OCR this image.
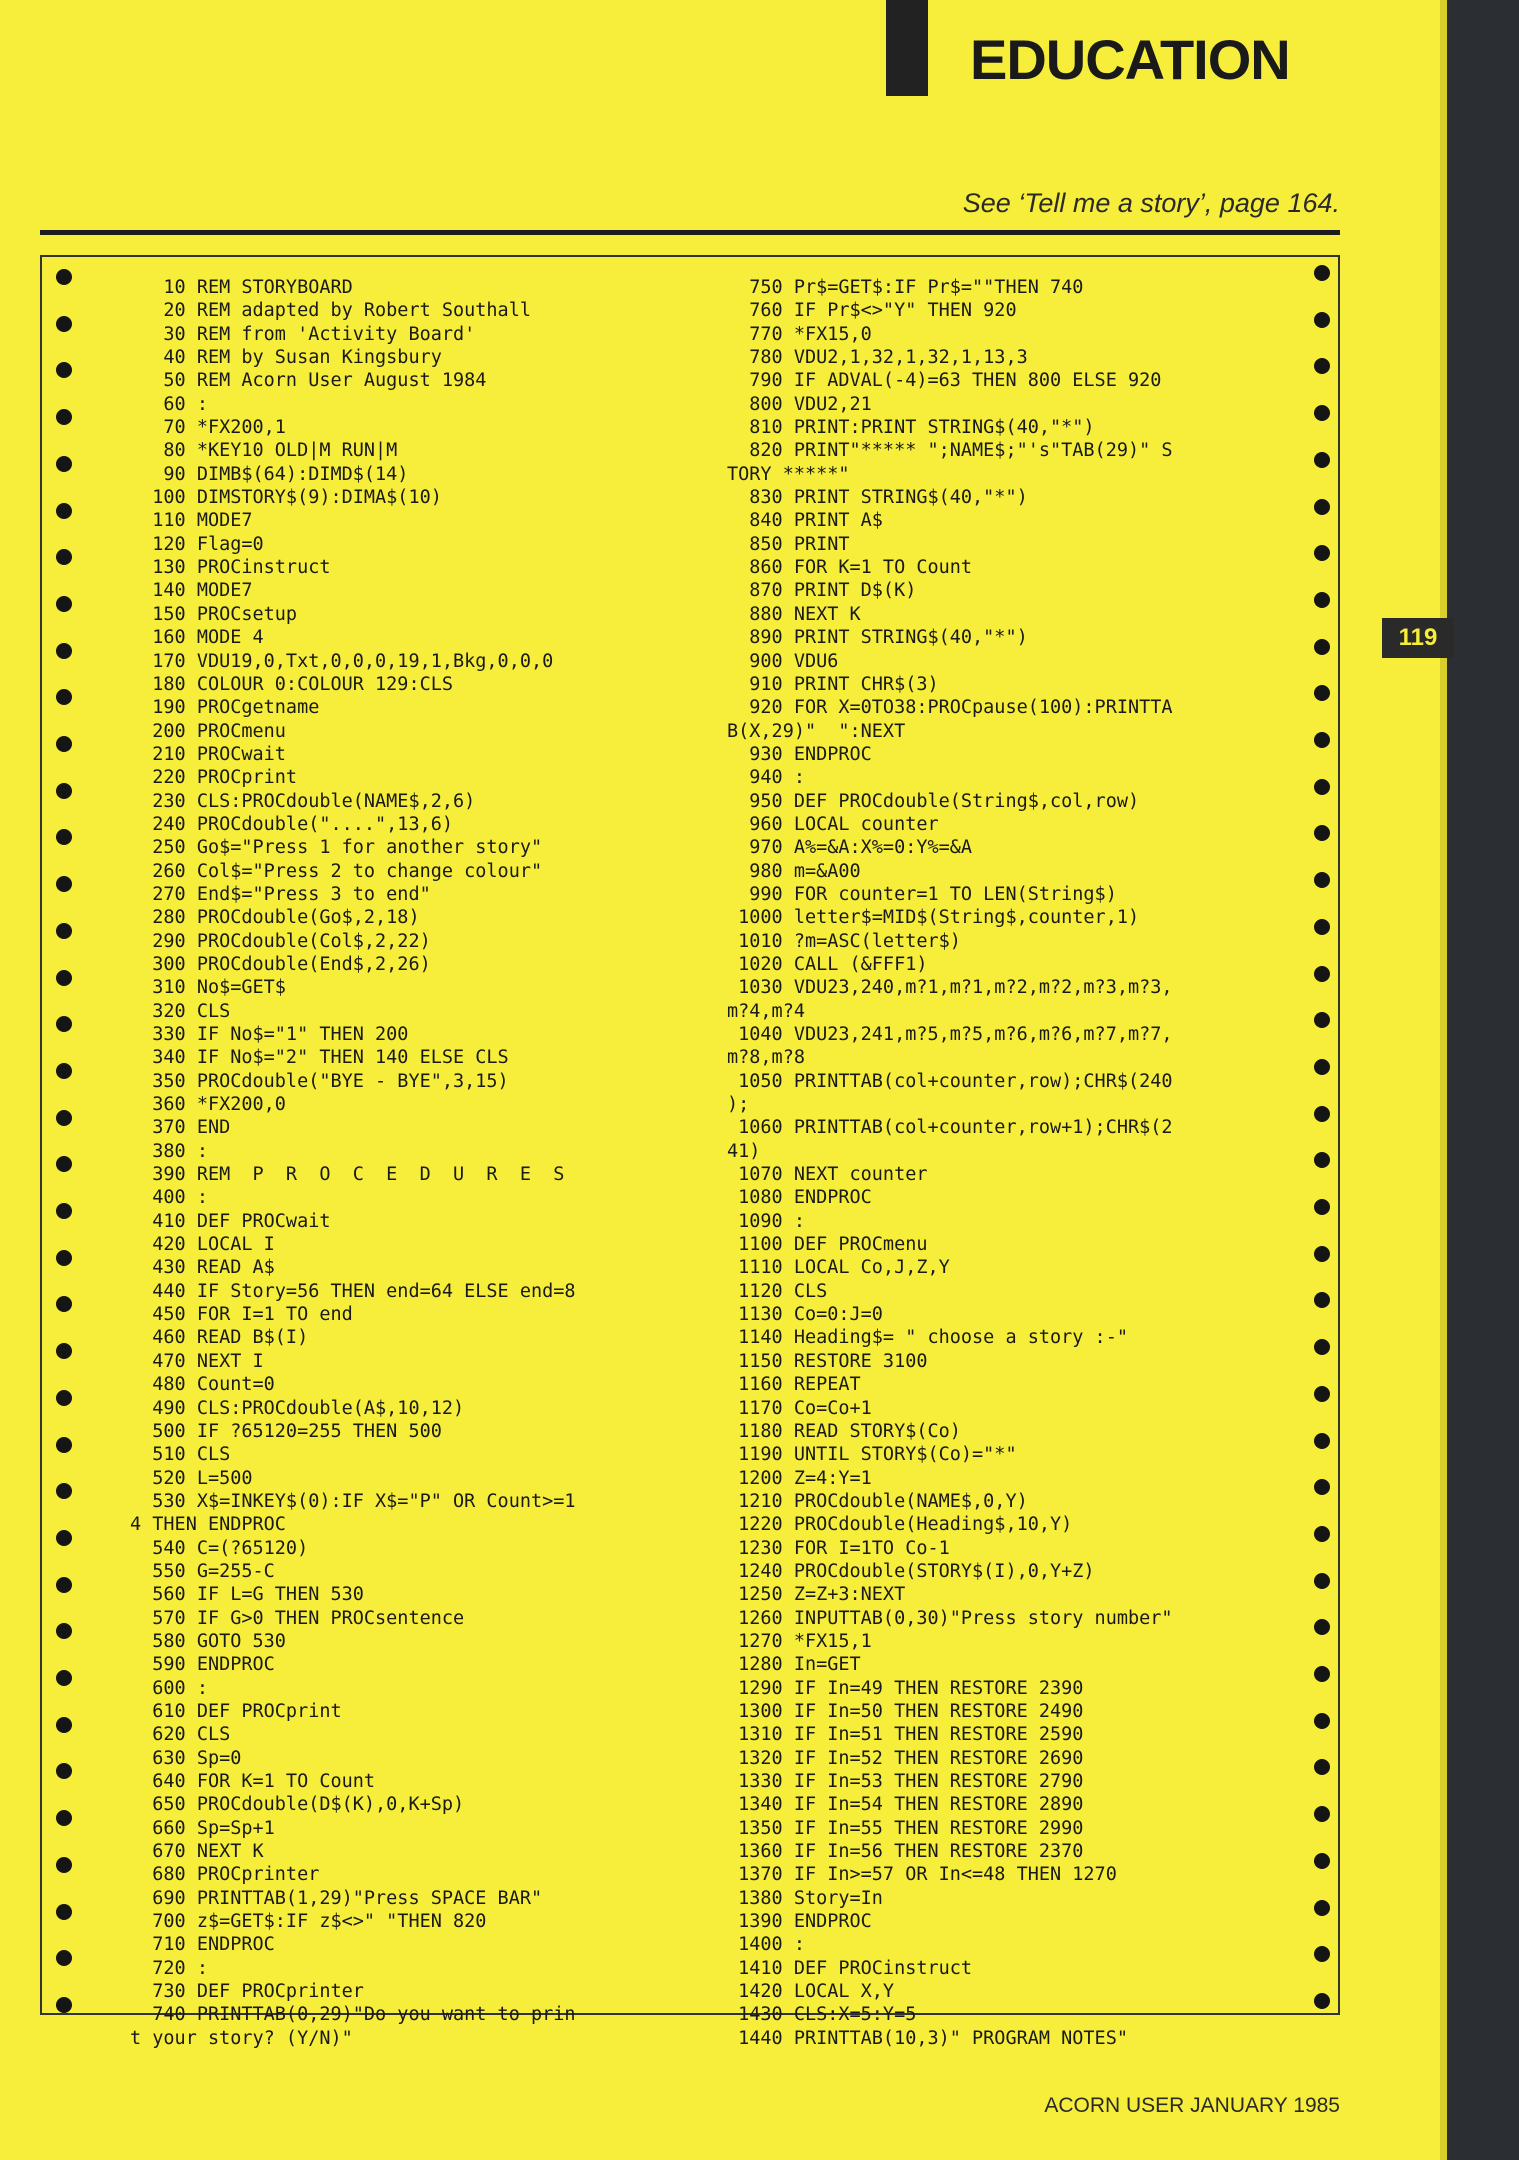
119
EDUCATION
See ‘Tell me a story’, page 164.
10 REM STORYBOARD
20 REM adapted by Robert Southall
30 REM from 'Activity Board'
40 REM by Susan Kingsbury
50 REM Acorn User August 1984
60 :
70 *FX200,1
80 *KEY10 OLD|M RUN|M
90 DIMB$(64):DIMD$(14)
100 DIMSTORY$(9):DIMA$(10)
110 MODE7
120 Flag=0
130 PROCinstruct
140 MODE7
150 PROCsetup
160 MODE 4
170 VDU19,0,Txt,0,0,0,19,1,Bkg,0,0,0
180 COLOUR 0:COLOUR 129:CLS
190 PROCgetname
200 PROCmenu
210 PROCwait
220 PROCprint
230 CLS:PROCdouble(NAME$,2,6)
240 PROCdouble("....",13,6)
250 Go$="Press 1 for another story"
260 Col$="Press 2 to change colour"
270 End$="Press 3 to end"
280 PROCdouble(Go$,2,18)
290 PROCdouble(Col$,2,22)
300 PROCdouble(End$,2,26)
310 No$=GET$
320 CLS
330 IF No$="1" THEN 200
340 IF No$="2" THEN 140 ELSE CLS
350 PROCdouble("BYE - BYE",3,15)
360 *FX200,0
370 END
380 :
390 REM  P  R  O  C  E  D  U  R  E  S
400 :
410 DEF PROCwait
420 LOCAL I
430 READ A$
440 IF Story=56 THEN end=64 ELSE end=8
450 FOR I=1 TO end
460 READ B$(I)
470 NEXT I
480 Count=0
490 CLS:PROCdouble(A$,10,12)
500 IF ?65120=255 THEN 500
510 CLS
520 L=500
530 X$=INKEY$(0):IF X$="P" OR Count>=1
4 THEN ENDPROC
540 C=(?65120)
550 G=255-C
560 IF L=G THEN 530
570 IF G>0 THEN PROCsentence
580 GOTO 530
590 ENDPROC
600 :
610 DEF PROCprint
620 CLS
630 Sp=0
640 FOR K=1 TO Count
650 PROCdouble(D$(K),0,K+Sp)
660 Sp=Sp+1
670 NEXT K
680 PROCprinter
690 PRINTTAB(1,29)"Press SPACE BAR"
700 z$=GET$:IF z$<>" "THEN 820
710 ENDPROC
720 :
730 DEF PROCprinter
740 PRINTTAB(0,29)"Do you want to prin
t your story? (Y/N)"
750 Pr$=GET$:IF Pr$=""THEN 740
760 IF Pr$<>"Y" THEN 920
770 *FX15,0
780 VDU2,1,32,1,32,1,13,3
790 IF ADVAL(-4)=63 THEN 800 ELSE 920
800 VDU2,21
810 PRINT:PRINT STRING$(40,"*")
820 PRINT"***** ";NAME$;"'s"TAB(29)" S
TORY *****"
830 PRINT STRING$(40,"*")
840 PRINT A$
850 PRINT
860 FOR K=1 TO Count
870 PRINT D$(K)
880 NEXT K
890 PRINT STRING$(40,"*")
900 VDU6
910 PRINT CHR$(3)
920 FOR X=0TO38:PROCpause(100):PRINTTA
B(X,29)"  ":NEXT
930 ENDPROC
940 :
950 DEF PROCdouble(String$,col,row)
960 LOCAL counter
970 A%=&A:X%=0:Y%=&A
980 m=&A00
990 FOR counter=1 TO LEN(String$)
1000 letter$=MID$(String$,counter,1)
1010 ?m=ASC(letter$)
1020 CALL (&FFF1)
1030 VDU23,240,m?1,m?1,m?2,m?2,m?3,m?3,
m?4,m?4
1040 VDU23,241,m?5,m?5,m?6,m?6,m?7,m?7,
m?8,m?8
1050 PRINTTAB(col+counter,row);CHR$(240
);
1060 PRINTTAB(col+counter,row+1);CHR$(2
41)
1070 NEXT counter
1080 ENDPROC
1090 :
1100 DEF PROCmenu
1110 LOCAL Co,J,Z,Y
1120 CLS
1130 Co=0:J=0
1140 Heading$= " choose a story :-"
1150 RESTORE 3100
1160 REPEAT
1170 Co=Co+1
1180 READ STORY$(Co)
1190 UNTIL STORY$(Co)="*"
1200 Z=4:Y=1
1210 PROCdouble(NAME$,0,Y)
1220 PROCdouble(Heading$,10,Y)
1230 FOR I=1TO Co-1
1240 PROCdouble(STORY$(I),0,Y+Z)
1250 Z=Z+3:NEXT
1260 INPUTTAB(0,30)"Press story number"
1270 *FX15,1
1280 In=GET
1290 IF In=49 THEN RESTORE 2390
1300 IF In=50 THEN RESTORE 2490
1310 IF In=51 THEN RESTORE 2590
1320 IF In=52 THEN RESTORE 2690
1330 IF In=53 THEN RESTORE 2790
1340 IF In=54 THEN RESTORE 2890
1350 IF In=55 THEN RESTORE 2990
1360 IF In=56 THEN RESTORE 2370
1370 IF In>=57 OR In<=48 THEN 1270
1380 Story=In
1390 ENDPROC
1400 :
1410 DEF PROCinstruct
1420 LOCAL X,Y
1430 CLS:X=5:Y=5
1440 PRINTTAB(10,3)" PROGRAM NOTES"
ACORN USER JANUARY 1985
